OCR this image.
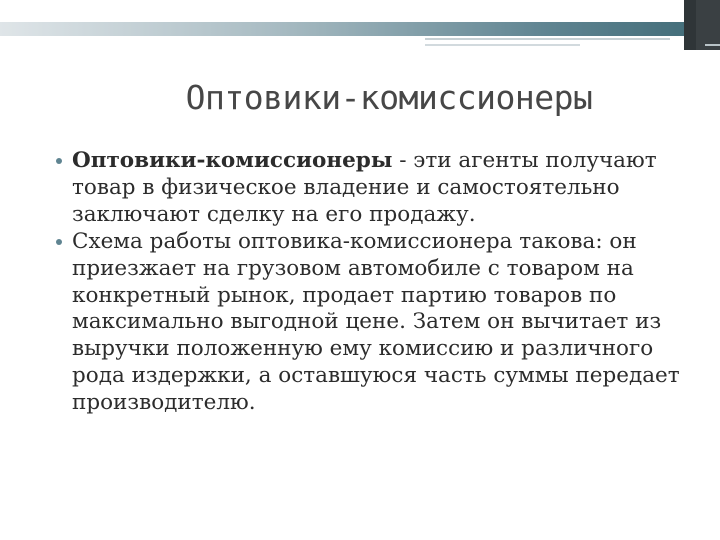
Оптовики-комиссионеры
Оптовики-комиссионеры - эти агенты получают товар в физическое владение и самостоятельно заключают сделку на его продажу.
Схема работы оптовика-комиссионера такова: он приезжает на грузовом автомобиле с товаром на конкретный рынок, продает партию товаров по максимально выгодной цене. Затем он вычитает из выручки положенную ему комиссию и различного рода издержки, а оставшуюся часть суммы передает производителю.
